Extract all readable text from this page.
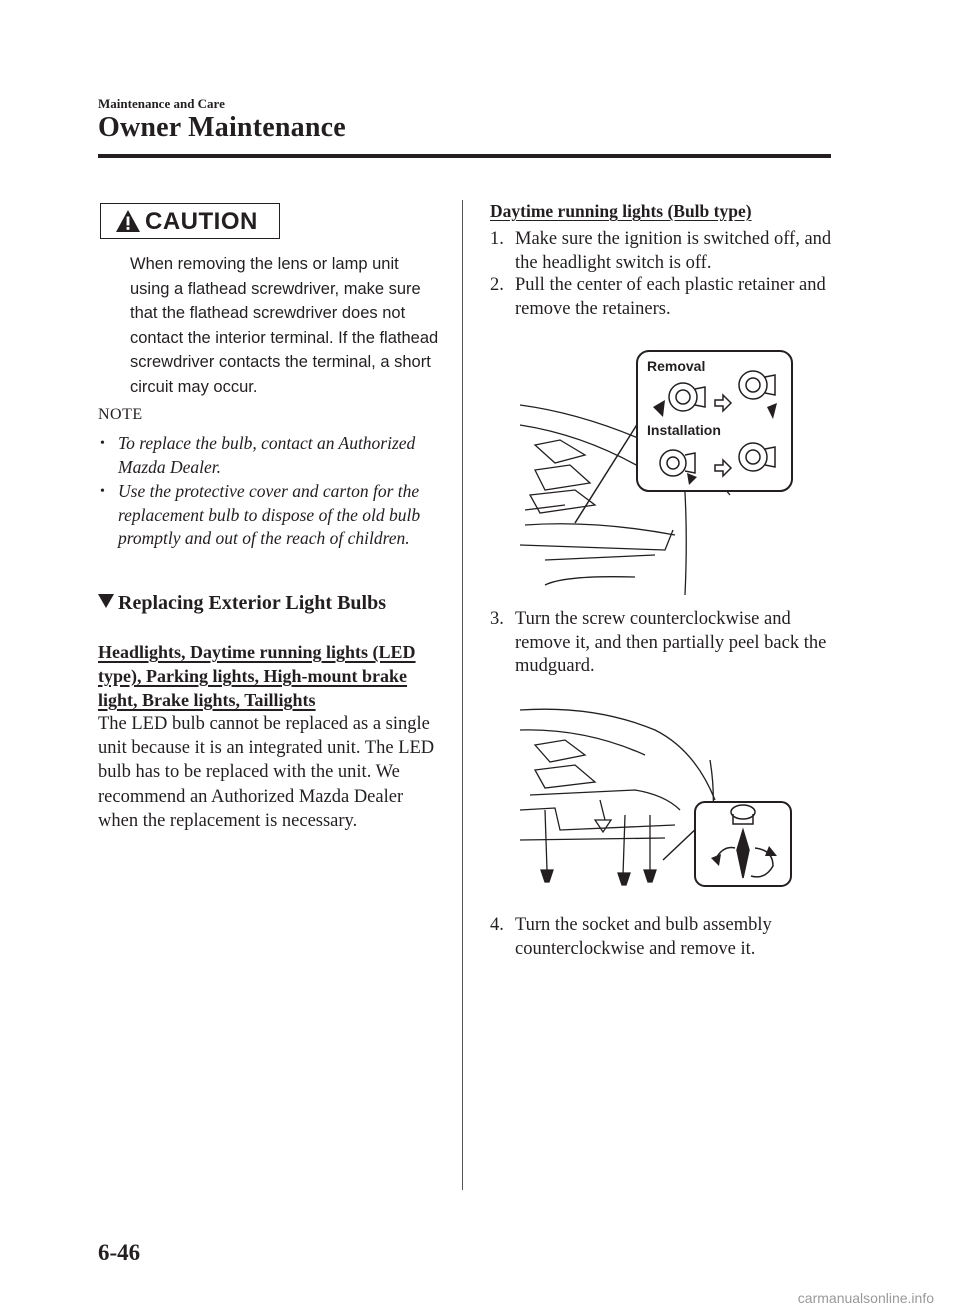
Maintenance and Care
Owner Maintenance
CAUTION
When removing the lens or lamp unit using a flathead screwdriver, make sure that the flathead screwdriver does not contact the interior terminal. If the flathead screwdriver contacts the terminal, a short circuit may occur.
NOTE
• To replace the bulb, contact an Authorized Mazda Dealer.
• Use the protective cover and carton for the replacement bulb to dispose of the old bulb promptly and out of the reach of children.
Replacing Exterior Light Bulbs
Headlights, Daytime running lights (LED type), Parking lights, High-mount brake light, Brake lights, Taillights
The LED bulb cannot be replaced as a single unit because it is an integrated unit. The LED bulb has to be replaced with the unit. We recommend an Authorized Mazda Dealer when the replacement is necessary.
Daytime running lights (Bulb type)
1. Make sure the ignition is switched off, and the headlight switch is off.
2. Pull the center of each plastic retainer and remove the retainers.
Removal
Installation
3. Turn the screw counterclockwise and remove it, and then partially peel back the mudguard.
4. Turn the socket and bulb assembly counterclockwise and remove it.
6-46
carmanualsonline.info
